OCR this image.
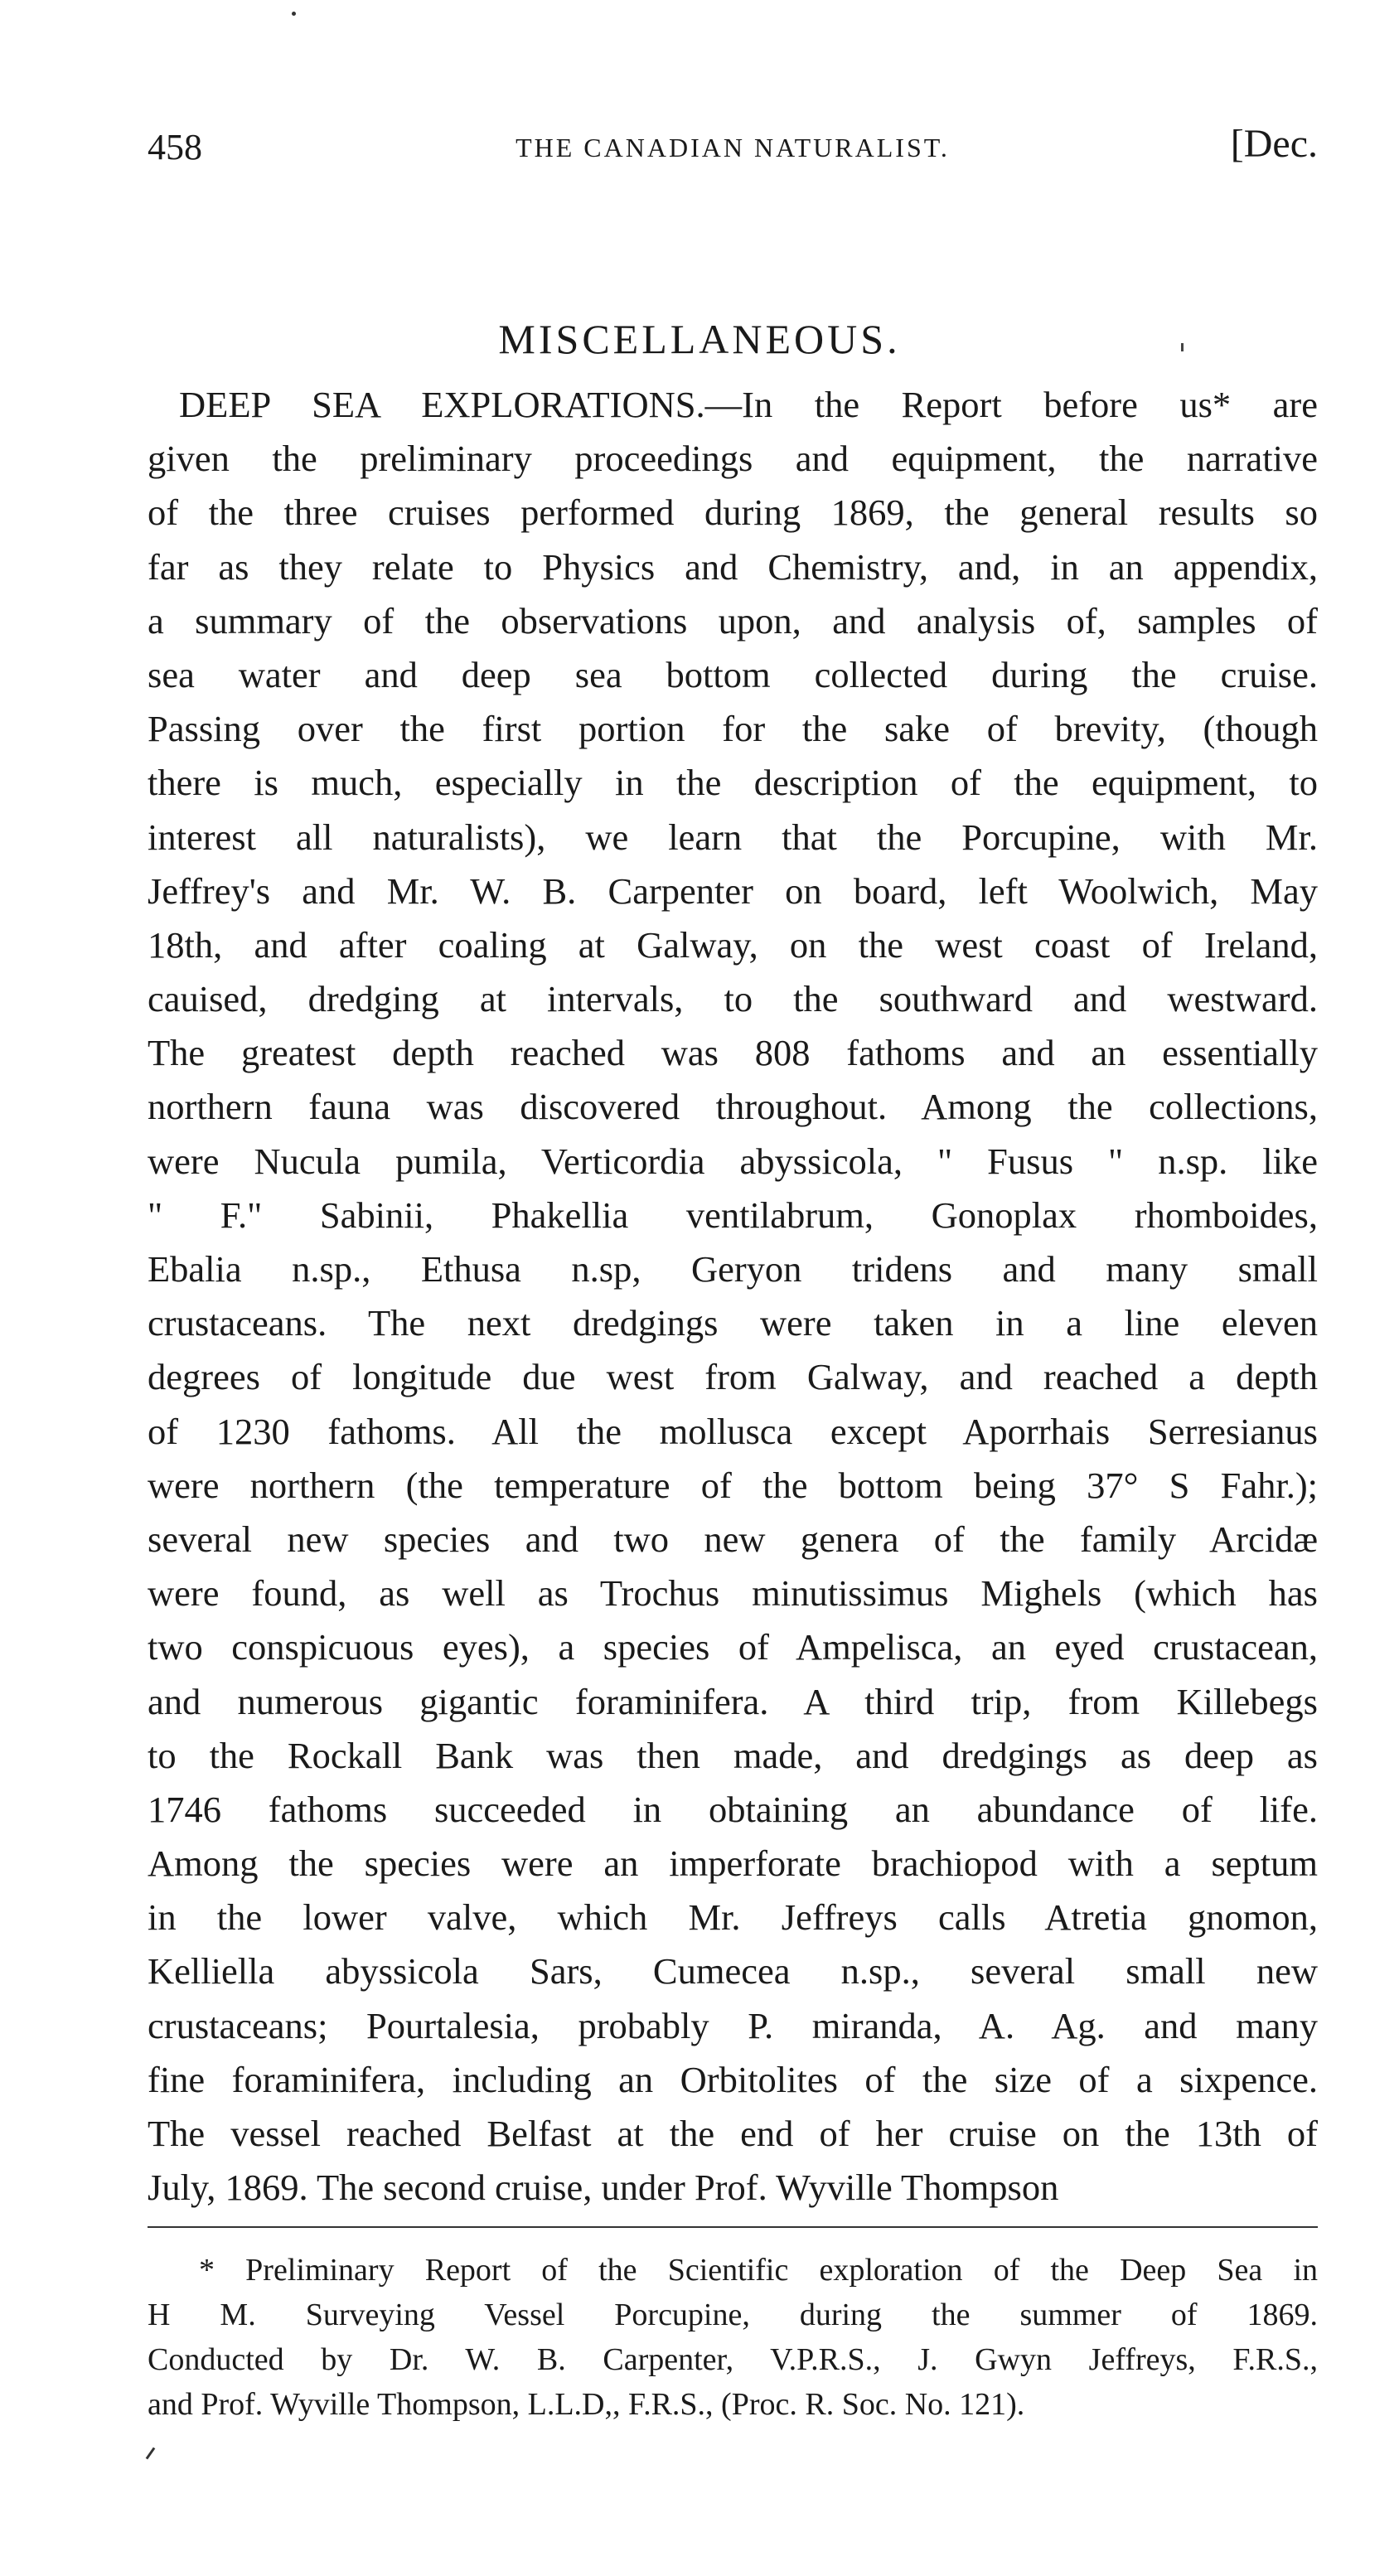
458	THE CANADIAN NATURALIST.	[Dec.
MISCELLANEOUS.
DEEP SEA EXPLORATIONS.—In the Report before us* are
given the preliminary proceedings and equipment, the narrative
of the three cruises performed during 1869, the general results so
far as they relate to Physics and Chemistry, and, in an appendix,
a summary of the observations upon, and analysis of, samples of
sea water and deep sea bottom collected during the cruise.
Passing over the first portion for the sake of brevity, (though
there is much, especially in the description of the equipment, to
interest all naturalists), we learn that the Porcupine, with Mr.
Jeffrey's and Mr. W. B. Carpenter on board, left Woolwich, May
18th, and after coaling at Galway, on the west coast of Ireland,
cauised, dredging at intervals, to the southward and westward.
The greatest depth reached was 808 fathoms and an essentially
northern fauna was discovered throughout. Among the collections,
were Nucula pumila, Verticordia abyssicola, " Fusus " n.sp. like
" F." Sabinii, Phakellia ventilabrum, Gonoplax rhomboides,
Ebalia n.sp., Ethusa n.sp, Geryon tridens and many small
crustaceans. The next dredgings were taken in a line eleven
degrees of longitude due west from Galway, and reached a depth
of 1230 fathoms. All the mollusca except Aporrhais Serresianus
were northern (the temperature of the bottom being 37° S Fahr.);
several new species and two new genera of the family Arcidæ
were found, as well as Trochus minutissimus Mighels (which has
two conspicuous eyes), a species of Ampelisca, an eyed crustacean,
and numerous gigantic foraminifera. A third trip, from Killebegs
to the Rockall Bank was then made, and dredgings as deep as
1746 fathoms succeeded in obtaining an abundance of life.
Among the species were an imperforate brachiopod with a septum
in the lower valve, which Mr. Jeffreys calls Atretia gnomon,
Kelliella abyssicola Sars, Cumecea n.sp., several small new
crustaceans; Pourtalesia, probably P. miranda, A. Ag. and many
fine foraminifera, including an Orbitolites of the size of a sixpence.
The vessel reached Belfast at the end of her cruise on the 13th of
July, 1869. The second cruise, under Prof. Wyville Thompson
* Preliminary Report of the Scientific exploration of the Deep Sea in
H M. Surveying Vessel Porcupine, during the summer of 1869.
Conducted by Dr. W. B. Carpenter, V.P.R.S., J. Gwyn Jeffreys, F.R.S.,
and Prof. Wyville Thompson, L.L.D,, F.R.S., (Proc. R. Soc. No. 121).
